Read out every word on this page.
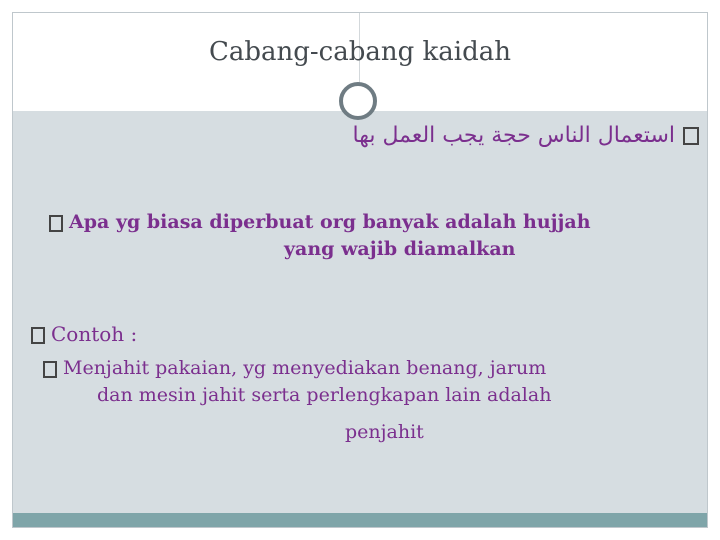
Cabang-cabang kaidah
استعمال الناس حجة يجب العمل بها
Apa yg biasa diperbuat org banyak adalah hujjah
yang wajib diamalkan
Contoh :
Menjahit pakaian, yg menyediakan benang, jarum
dan mesin jahit serta perlengkapan lain adalah
penjahit
